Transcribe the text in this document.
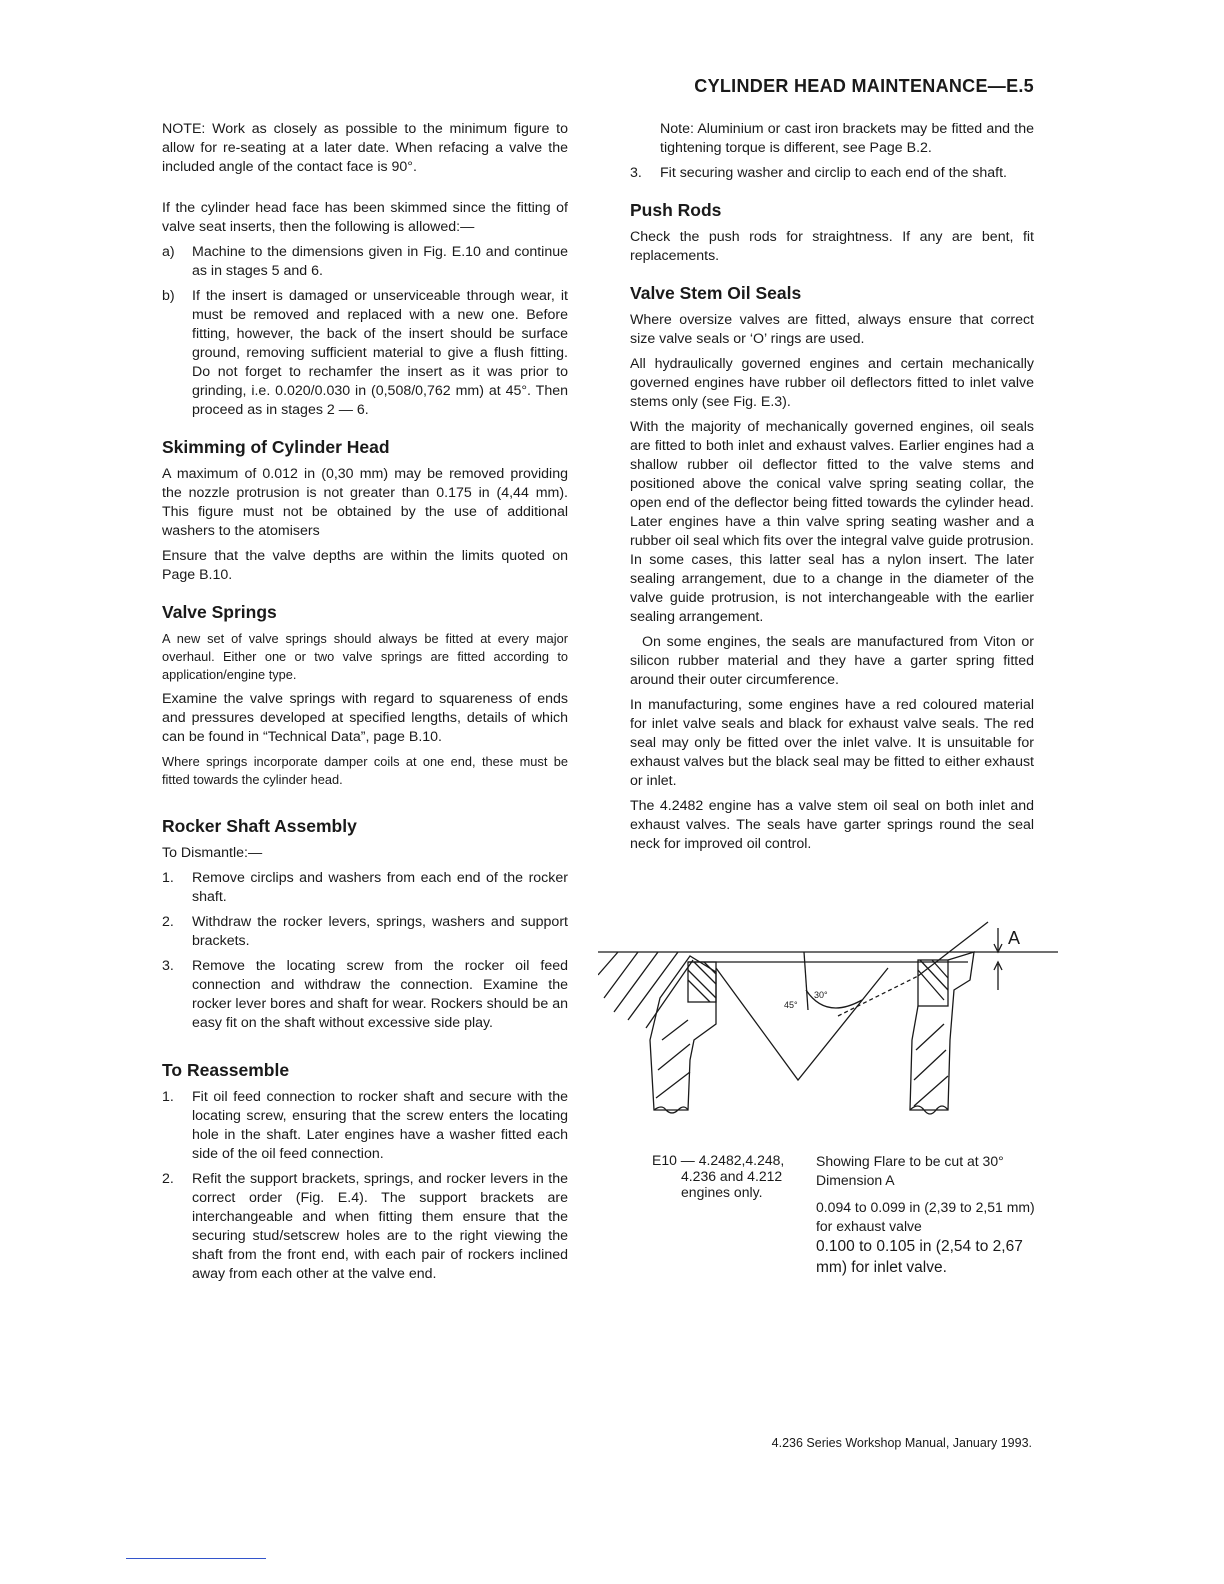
CYLINDER HEAD MAINTENANCE—E.5

NOTE: Work as closely as possible to the minimum figure to allow for re-seating at a later date. When refacing a valve the included angle of the contact face is 90°.

If the cylinder head face has been skimmed since the fitting of valve seat inserts, then the following is allowed:—

a) Machine to the dimensions given in Fig. E.10 and continue as in stages 5 and 6.
b) If the insert is damaged or unserviceable through wear, it must be removed and replaced with a new one. Before fitting, however, the back of the insert should be surface ground, removing sufficient material to give a flush fitting. Do not forget to rechamfer the insert as it was prior to grinding, i.e. 0.020/0.030 in (0,508/0,762 mm) at 45°. Then proceed as in stages 2 — 6.
Skimming of Cylinder Head

A maximum of 0.012 in (0,30 mm) may be removed providing the nozzle protrusion is not greater than 0.175 in (4,44 mm). This figure must not be obtained by the use of additional washers to the atomisers

Ensure that the valve depths are within the limits quoted on Page B.10.

Valve Springs

A new set of valve springs should always be fitted at every major overhaul. Either one or two valve springs are fitted according to application/engine type.

Examine the valve springs with regard to squareness of ends and pressures developed at specified lengths, details of which can be found in “Technical Data”, page B.10.

Where springs incorporate damper coils at one end, these must be fitted towards the cylinder head.

Rocker Shaft Assembly

To Dismantle:—

1. Remove circlips and washers from each end of the rocker shaft.
2. Withdraw the rocker levers, springs, washers and support brackets.
3. Remove the locating screw from the rocker oil feed connection and withdraw the connection. Examine the rocker lever bores and shaft for wear. Rockers should be an easy fit on the shaft without excessive side play.
To Reassemble
1. Fit oil feed connection to rocker shaft and secure with the locating screw, ensuring that the screw enters the locating hole in the shaft. Later engines have a washer fitted each side of the oil feed connection.
2. Refit the support brackets, springs, and rocker levers in the correct order (Fig. E.4). The support brackets are interchangeable and when fitting them ensure that the securing stud/setscrew holes are to the right viewing the shaft from the front end, with each pair of rockers inclined away from each other at the valve end.

Note: Aluminium or cast iron brackets may be fitted and the tightening torque is different, see Page B.2.

3. Fit securing washer and circlip to each end of the shaft.
Push Rods

Check the push rods for straightness. If any are bent, fit replacements.

Valve Stem Oil Seals

Where oversize valves are fitted, always ensure that correct size valve seals or ‘O’ rings are used.

All hydraulically governed engines and certain mechanically governed engines have rubber oil deflectors fitted to inlet valve stems only (see Fig. E.3).

With the majority of mechanically governed engines, oil seals are fitted to both inlet and exhaust valves. Earlier engines had a shallow rubber oil deflector fitted to the valve stems and positioned above the conical valve spring seating collar, the open end of the deflector being fitted towards the cylinder head. Later engines have a thin valve spring seating washer and a rubber oil seal which fits over the integral valve guide protrusion. In some cases, this latter seal has a nylon insert. The later sealing arrangement, due to a change in the diameter of the valve guide protrusion, is not interchangeable with the earlier sealing arrangement.

On some engines, the seals are manufactured from Viton or silicon rubber material and they have a garter spring fitted around their outer circumference.

In manufacturing, some engines have a red coloured material for inlet valve seals and black for exhaust valve seals. The red seal may only be fitted over the inlet valve. It is unsuitable for exhaust valves but the black seal may be fitted to either exhaust or inlet.

The 4.2482 engine has a valve stem oil seal on both inlet and exhaust valves. The seals have garter springs round the seal neck for improved oil control.

A
45°
30°
E10 — 4.2482,4.248,
4.236 and 4.212
engines only.
Showing Flare to be cut at 30°
Dimension A
0.094 to 0.099 in (2,39 to 2,51 mm) for exhaust valve
0.100 to 0.105 in (2,54 to 2,67 mm) for inlet valve.
4.236 Series Workshop Manual, January 1993.
